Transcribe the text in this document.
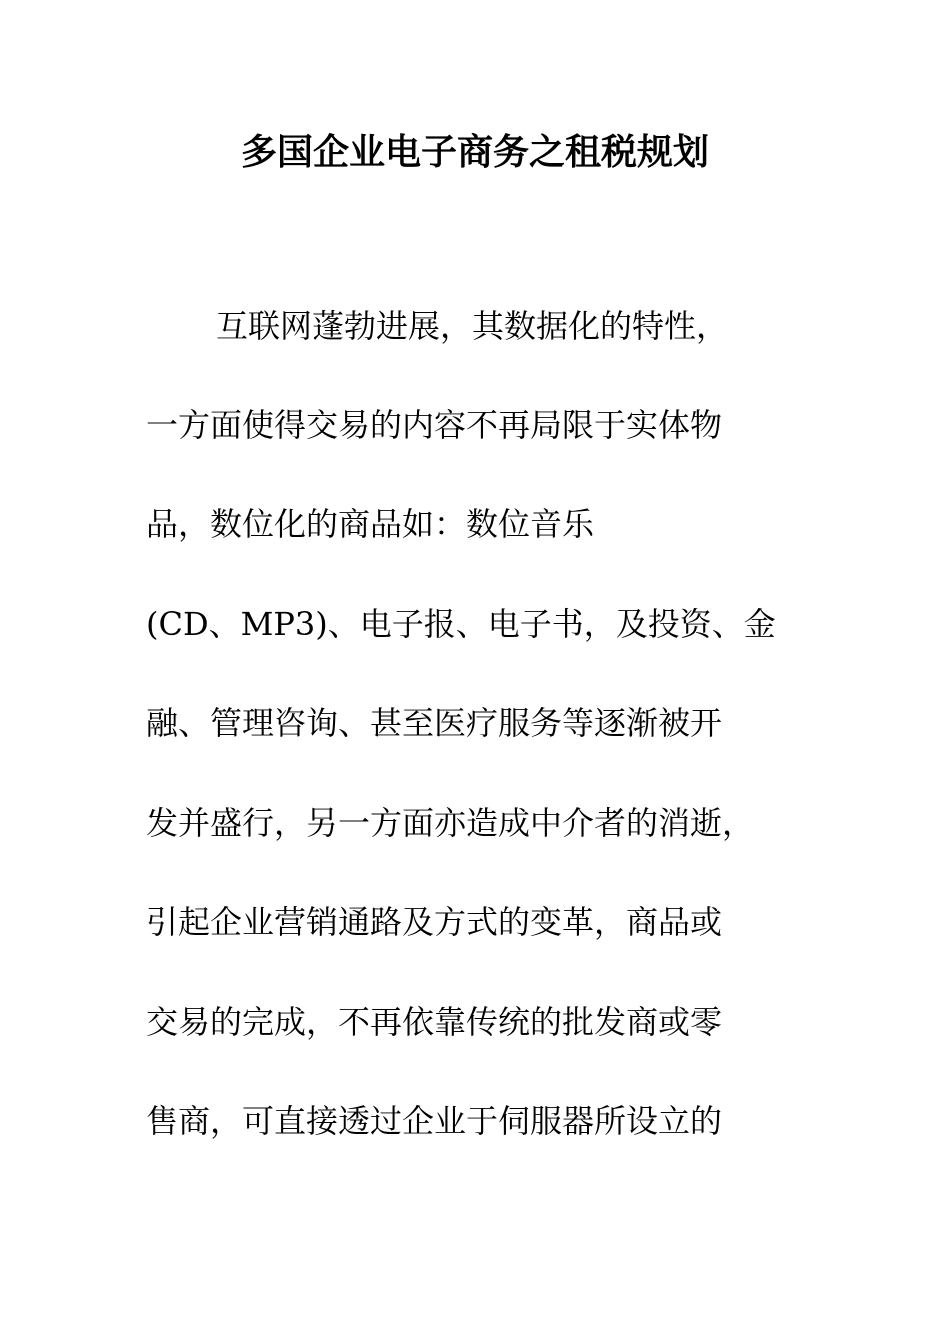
多国企业电子商务之租税规划
互联网蓬勃进展，其数据化的特性，
一方面使得交易的内容不再局限于实体物
品，数位化的商品如：数位音乐
(CD、MP3)、电子报、电子书，及投资、金
融、管理咨询、甚至医疗服务等逐渐被开
发并盛行，另一方面亦造成中介者的消逝，
引起企业营销通路及方式的变革，商品或
交易的完成，不再依靠传统的批发商或零
售商，可直接透过企业于伺服器所设立的
